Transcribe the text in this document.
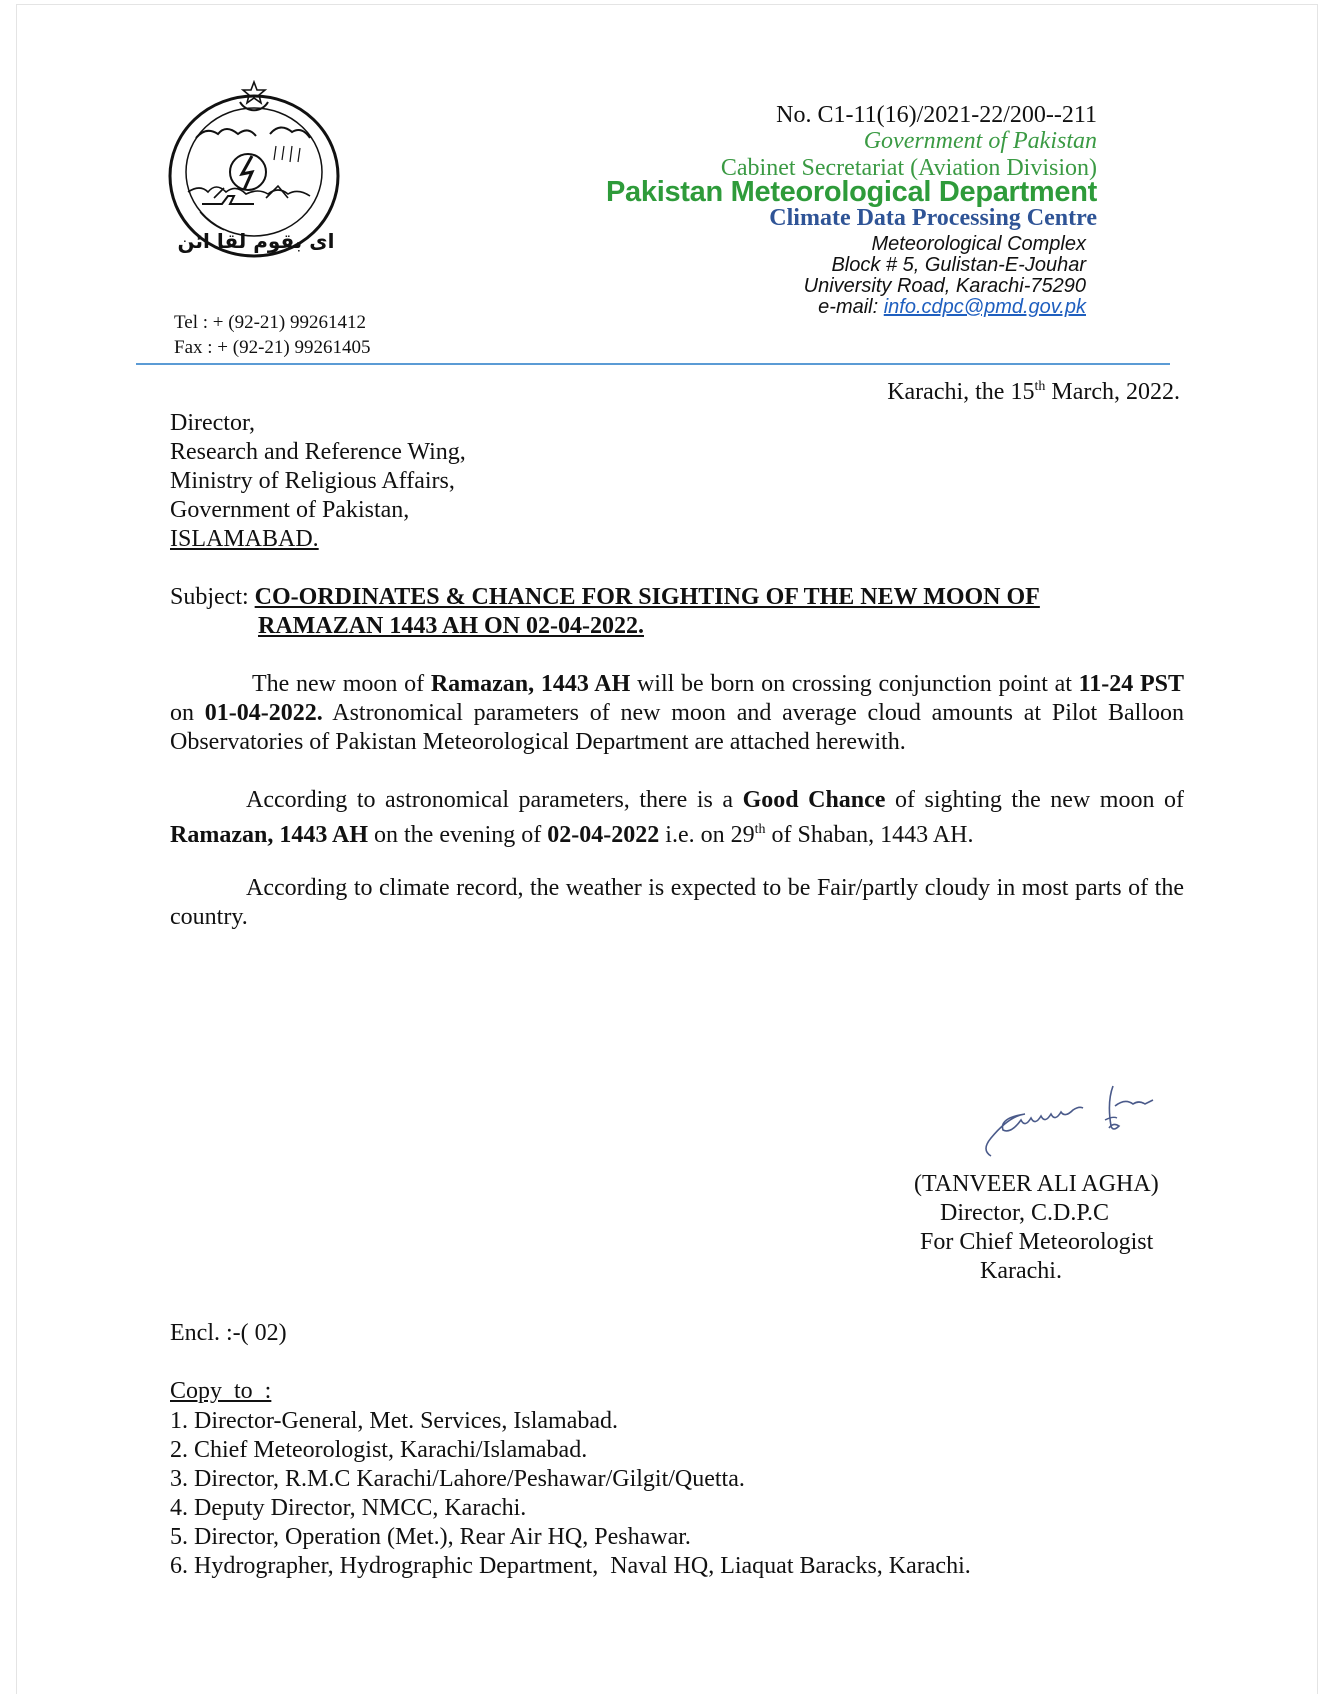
ای بقوم لقا ائن
No. C1-11(16)/2021-22/200--211
Government of Pakistan
Cabinet Secretariat (Aviation Division)
Pakistan Meteorological Department
Climate Data Processing Centre
Meteorological Complex
Block # 5, Gulistan-E-Jouhar
University Road, Karachi-75290
e-mail: info.cdpc@pmd.gov.pk
Tel : + (92-21) 99261412
Fax : + (92-21) 99261405
Karachi, the 15th March, 2022.
Director,
Research and Reference Wing,
Ministry of Religious Affairs,
Government of Pakistan,
ISLAMABAD.
Subject: CO-ORDINATES & CHANCE FOR SIGHTING OF THE NEW MOON OF
RAMAZAN 1443 AH ON 02-04-2022.
The new moon of Ramazan, 1443 AH will be born on crossing conjunction point at 11-24 PST on 01-04-2022. Astronomical parameters of new moon and average cloud amounts at Pilot Balloon Observatories of Pakistan Meteorological Department are attached herewith.
According to astronomical parameters, there is a Good Chance of sighting the new moon of Ramazan, 1443 AH on the evening of 02-04-2022 i.e. on 29th of Shaban, 1443 AH.
According to climate record, the weather is expected to be Fair/partly cloudy in most parts of the country.
(TANVEER ALI AGHA)
Director, C.D.P.C
For Chief Meteorologist
Karachi.
Encl. :-( 02)
Copy to :
1. Director-General, Met. Services, Islamabad.
2. Chief Meteorologist, Karachi/Islamabad.
3. Director, R.M.C Karachi/Lahore/Peshawar/Gilgit/Quetta.
4. Deputy Director, NMCC, Karachi.
5. Director, Operation (Met.), Rear Air HQ, Peshawar.
6. Hydrographer, Hydrographic Department,  Naval HQ, Liaquat Baracks, Karachi.
